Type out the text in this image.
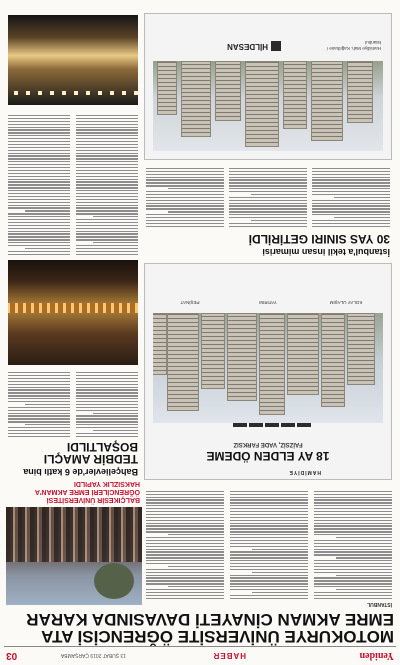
Yeniden
HABER
13 ŞUBAT 2019 ÇARŞAMBA
03
MOTOKURYE ÜNİVERSİTE ÖĞRENCİSİ ATA EMRE AKMAN CİNAYETİ DAVASINDA KARAR
İSTANBUL
BALÇIKESİR ÜNİVERSİTESİ ÖĞRENCİLERİ EMRE AKMAN'A HAKSIZLIK YAPILDI
HAMİDİYE
18 AY ELDEN ÖDEME
FAİZSİZ, VADE FARKSIZ
KOLAY ULAŞIM
YATIRIM
PEŞİNAT
Bahçelievler'de 6 katlı bina
TEDBİR AMAÇLI BOŞALTILDI
İstanbul'a tekil insan mimarisi
30 YAS SINIRI GETİRİLDİ
Hamidiye Mah. Kağıthane / İstanbul
HİLDESAN
